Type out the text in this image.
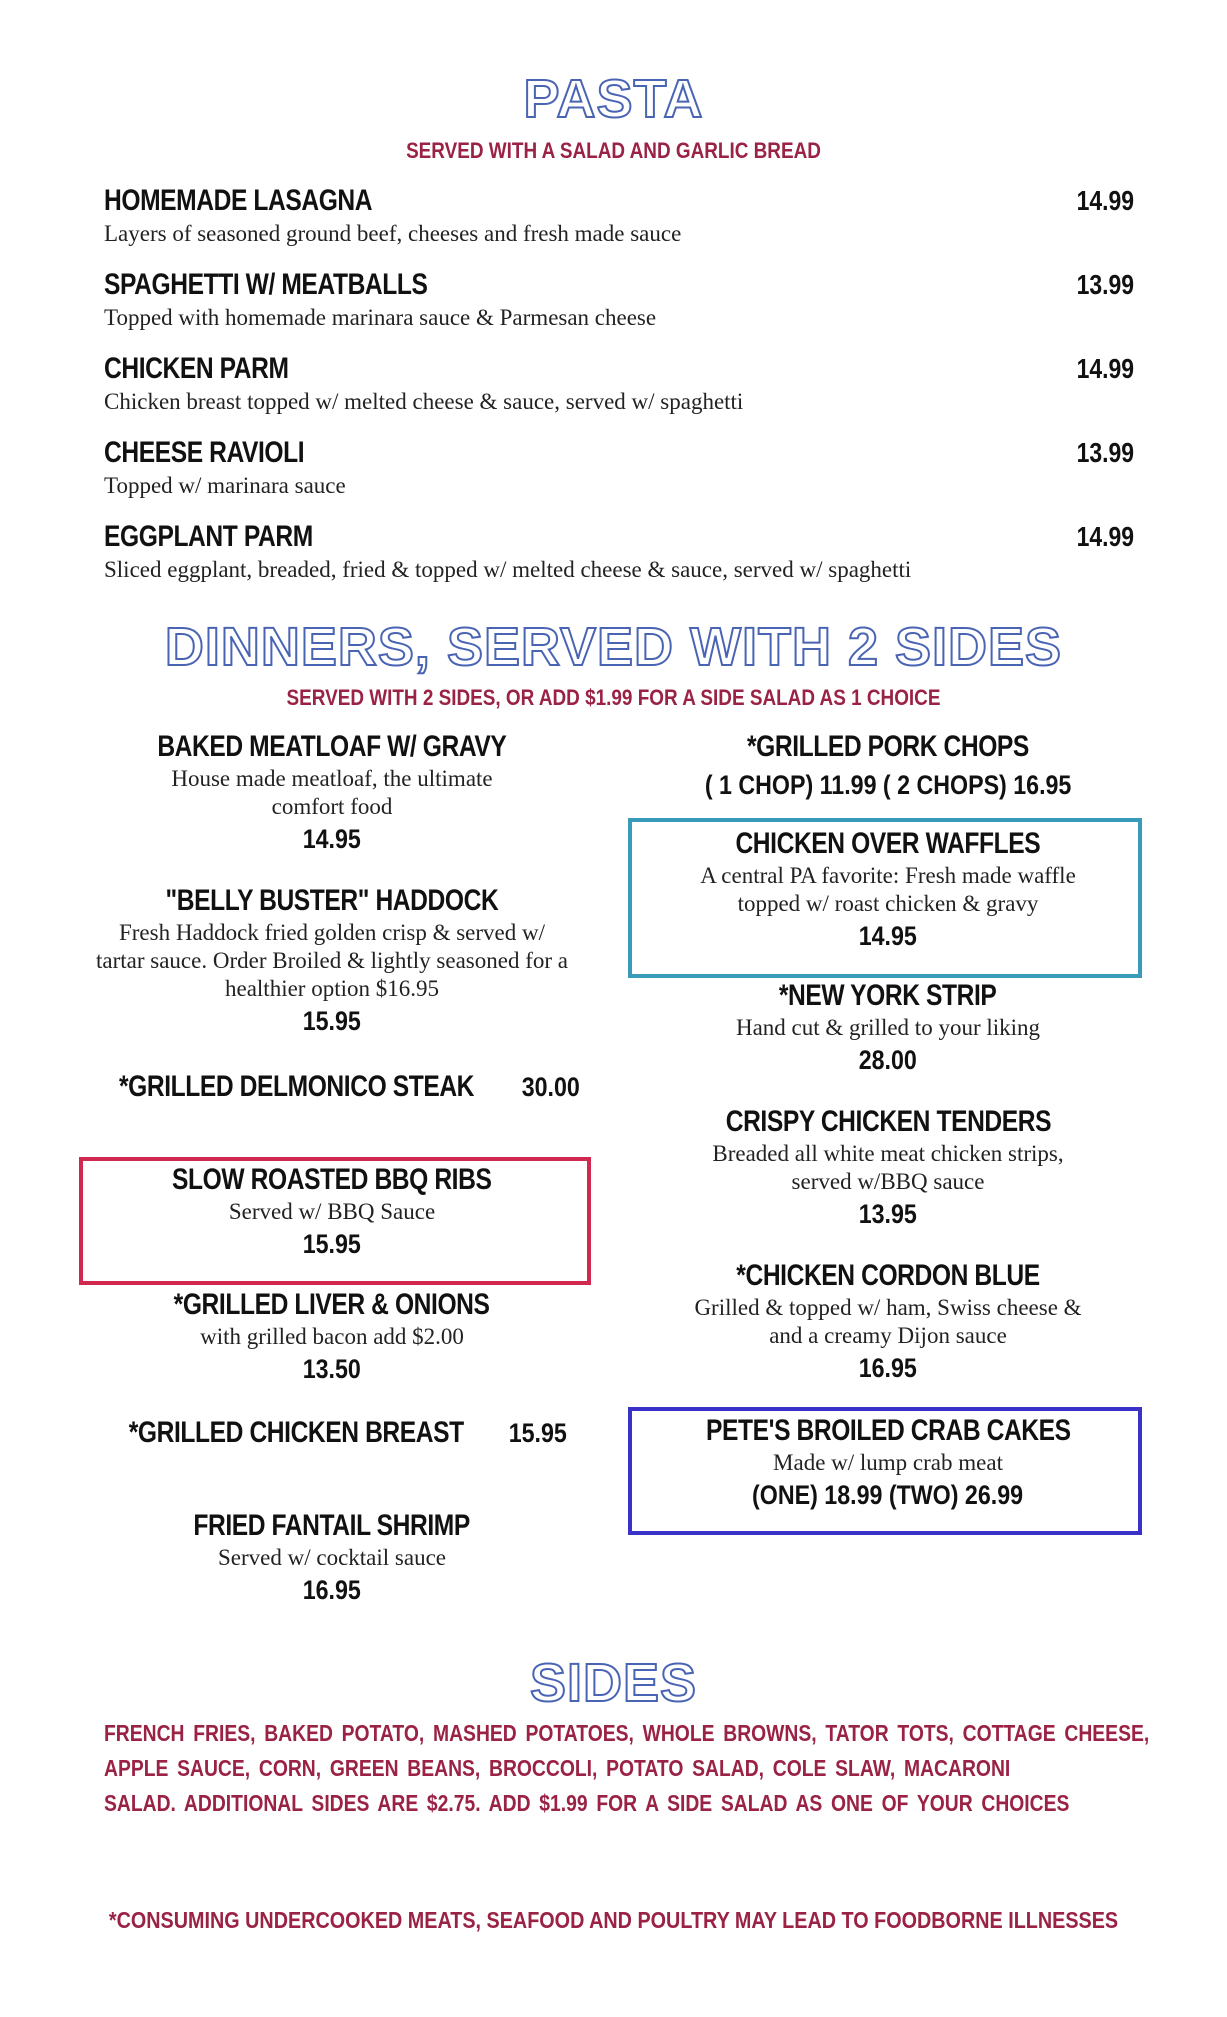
PASTA
SERVED WITH A SALAD AND GARLIC BREAD
HOMEMADE LASAGNA	14.99
Layers of seasoned ground beef, cheeses and fresh made sauce
SPAGHETTI W/ MEATBALLS	13.99
Topped with homemade marinara sauce & Parmesan cheese
CHICKEN PARM	14.99
Chicken breast topped w/ melted cheese & sauce, served w/ spaghetti
CHEESE RAVIOLI	13.99
Topped w/ marinara sauce
EGGPLANT PARM	14.99
Sliced eggplant, breaded, fried & topped w/ melted cheese & sauce, served w/ spaghetti
DINNERS, SERVED WITH 2 SIDES
SERVED WITH 2 SIDES, OR ADD $1.99 FOR A SIDE SALAD AS 1 CHOICE
BAKED MEATLOAF W/ GRAVY
House made meatloaf, the ultimate comfort food
14.95
"BELLY BUSTER" HADDOCK
Fresh Haddock fried golden crisp & served w/ tartar sauce. Order Broiled & lightly seasoned for a healthier option $16.95
15.95
*GRILLED DELMONICO STEAK 30.00
SLOW ROASTED BBQ RIBS
Served w/ BBQ Sauce
15.95
*GRILLED LIVER & ONIONS
with grilled bacon add $2.00
13.50
*GRILLED CHICKEN BREAST 15.95
FRIED FANTAIL SHRIMP
Served w/ cocktail sauce
16.95
*GRILLED PORK CHOPS ( 1 CHOP) 11.99 ( 2 CHOPS) 16.95
CHICKEN OVER WAFFLES
A central PA favorite: Fresh made waffle topped w/ roast chicken & gravy
14.95
*NEW YORK STRIP
Hand cut & grilled to your liking
28.00
CRISPY CHICKEN TENDERS
Breaded all white meat chicken strips, served w/BBQ sauce
13.95
*CHICKEN CORDON BLUE
Grilled & topped w/ ham, Swiss cheese & and a creamy Dijon sauce
16.95
PETE'S BROILED CRAB CAKES
Made w/ lump crab meat
(ONE) 18.99 (TWO) 26.99
SIDES
FRENCH FRIES, BAKED POTATO, MASHED POTATOES, WHOLE BROWNS, TATOR TOTS, COTTAGE CHEESE,
APPLE SAUCE, CORN, GREEN BEANS, BROCCOLI, POTATO SALAD, COLE SLAW, MACARONI
SALAD. ADDITIONAL SIDES ARE $2.75. ADD $1.99 FOR A SIDE SALAD AS ONE OF YOUR CHOICES
*CONSUMING UNDERCOOKED MEATS, SEAFOOD AND POULTRY MAY LEAD TO FOODBORNE ILLNESSES
